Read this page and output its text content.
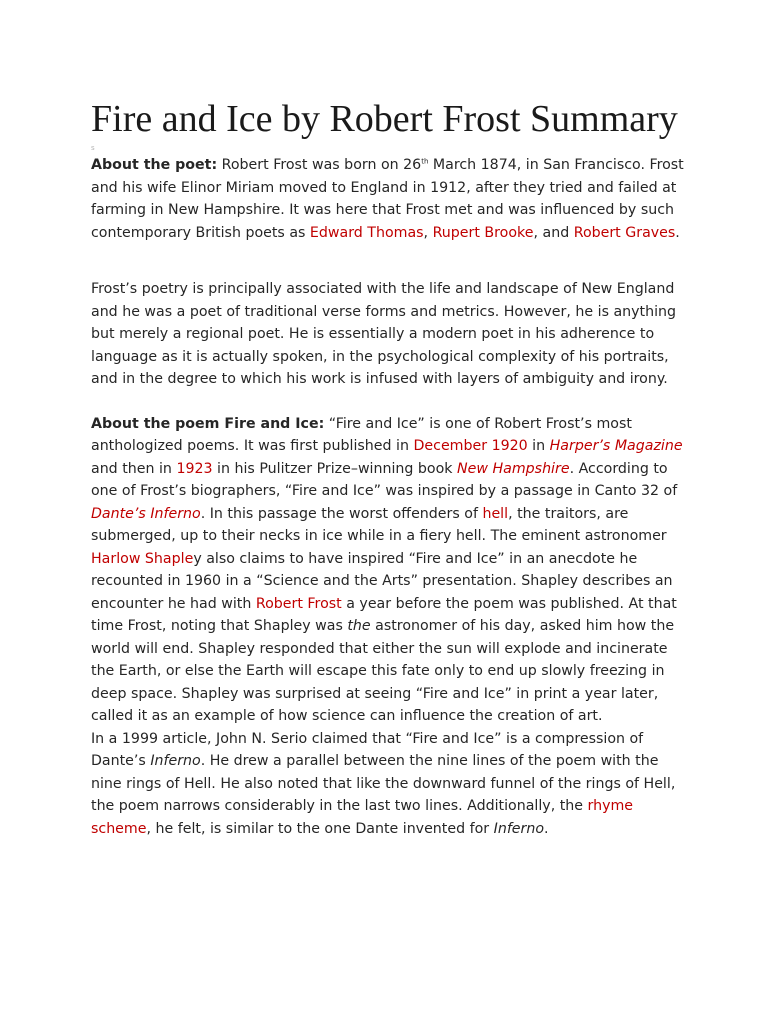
Fire and Ice by Robert Frost Summary
s

About the poet: Robert Frost was born on 26th March 1874, in San Francisco. Frost and his wife Elinor Miriam moved to England in 1912, after they tried and failed at farming in New Hampshire. It was here that Frost met and was influenced by such contemporary British poets as Edward Thomas, Rupert Brooke, and Robert Graves.

Frost’s poetry is principally associated with the life and landscape of New England and he was a poet of traditional verse forms and metrics. However, he is anything but merely a regional poet. He is essentially a modern poet in his adherence to language as it is actually spoken, in the psychological complexity of his portraits, and in the degree to which his work is infused with layers of ambiguity and irony.

About the poem Fire and Ice: “Fire and Ice” is one of Robert Frost’s most anthologized poems. It was first published in December 1920 in Harper’s Magazine and then in 1923 in his Pulitzer Prize–winning book New Hampshire. According to one of Frost’s biographers, “Fire and Ice” was inspired by a passage in Canto 32 of Dante’s Inferno. In this passage the worst offenders of hell, the traitors, are submerged, up to their necks in ice while in a fiery hell. The eminent astronomer Harlow Shapley also claims to have inspired “Fire and Ice” in an anecdote he recounted in 1960 in a “Science and the Arts” presentation. Shapley describes an encounter he had with Robert Frost a year before the poem was published. At that time Frost, noting that Shapley was the astronomer of his day, asked him how the world will end. Shapley responded that either the sun will explode and incinerate the Earth, or else the Earth will escape this fate only to end up slowly freezing in deep space. Shapley was surprised at seeing “Fire and Ice” in print a year later, called it as an example of how science can influence the creation of art.

In a 1999 article, John N. Serio claimed that “Fire and Ice” is a compression of Dante’s Inferno. He drew a parallel between the nine lines of the poem with the nine rings of Hell. He also noted that like the downward funnel of the rings of Hell, the poem narrows considerably in the last two lines. Additionally, the rhyme scheme, he felt, is similar to the one Dante invented for Inferno.
